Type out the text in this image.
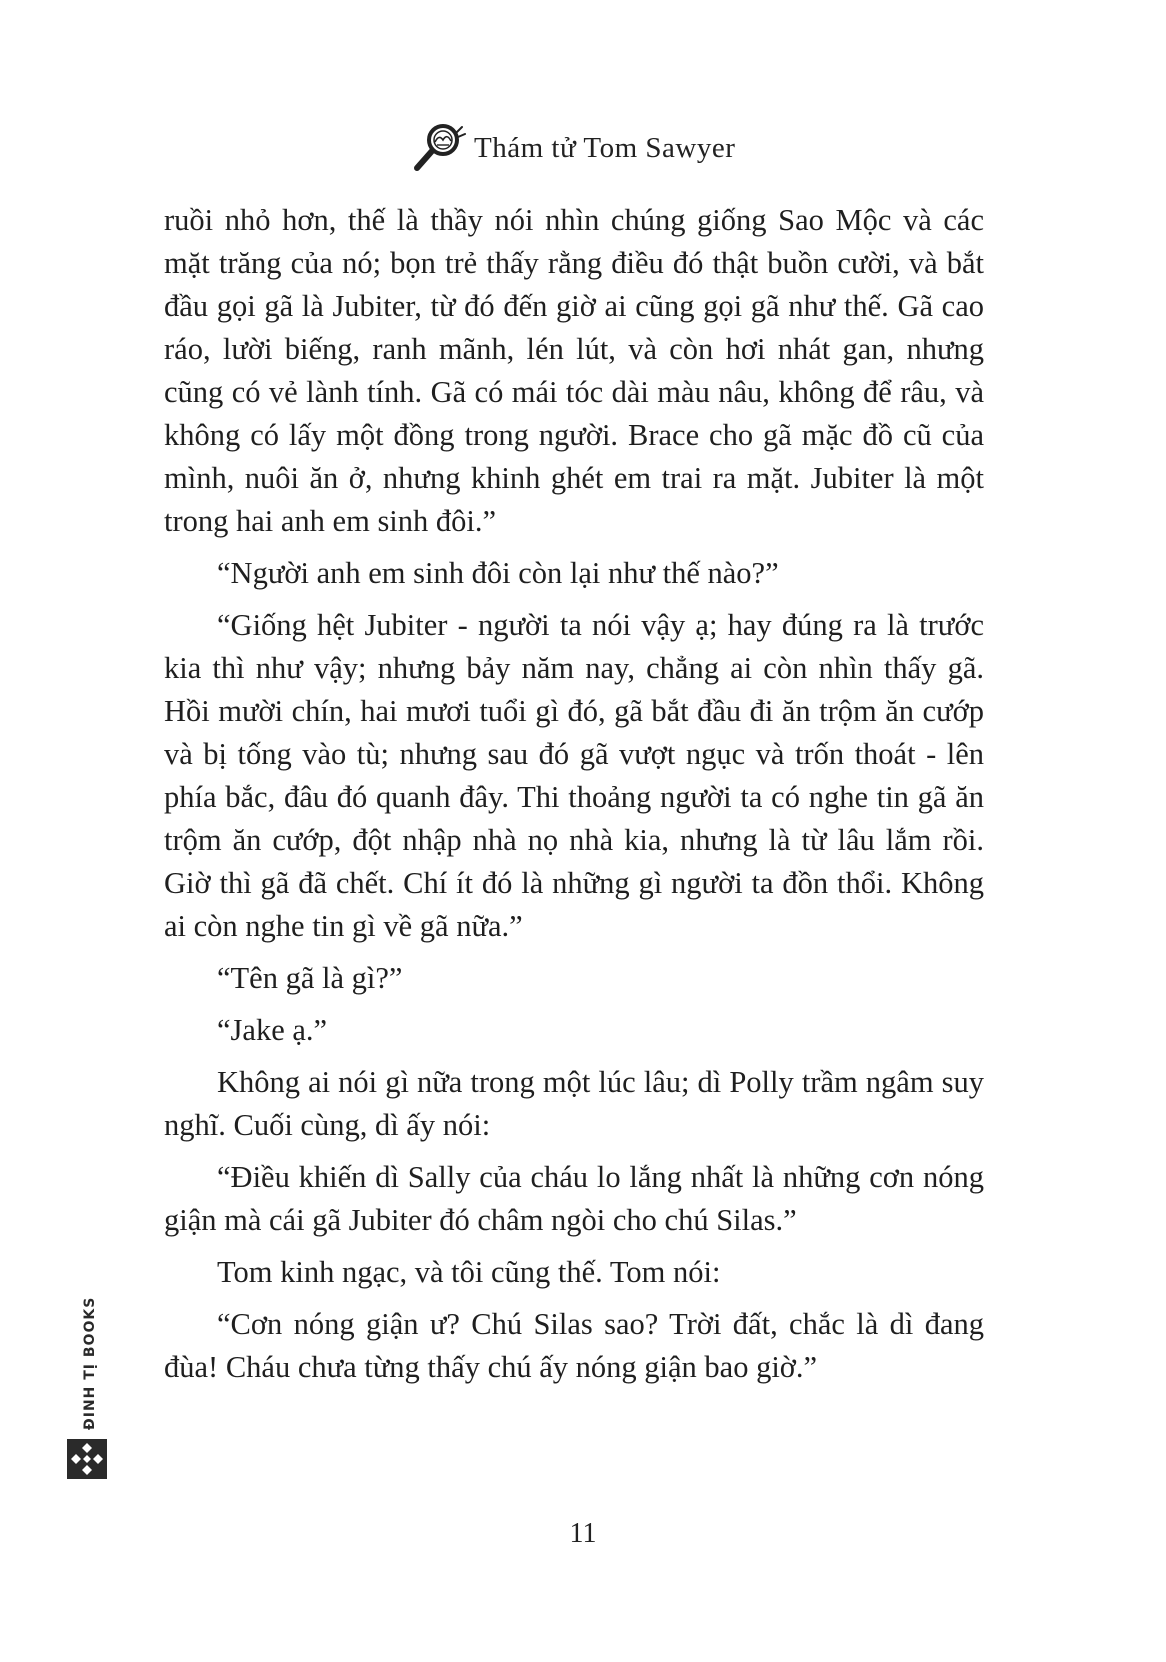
Thám tử Tom Sawyer

ruồi nhỏ hơn, thế là thầy nói nhìn chúng giống Sao Mộc và các mặt trăng của nó; bọn trẻ thấy rằng điều đó thật buồn cười, và bắt đầu gọi gã là Jubiter, từ đó đến giờ ai cũng gọi gã như thế. Gã cao ráo, lười biếng, ranh mãnh, lén lút, và còn hơi nhát gan, nhưng cũng có vẻ lành tính. Gã có mái tóc dài màu nâu, không để râu, và không có lấy một đồng trong người. Brace cho gã mặc đồ cũ của mình, nuôi ăn ở, nhưng khinh ghét em trai ra mặt. Jubiter là một trong hai anh em sinh đôi.”

“Người anh em sinh đôi còn lại như thế nào?”

“Giống hệt Jubiter - người ta nói vậy ạ; hay đúng ra là trước kia thì như vậy; nhưng bảy năm nay, chẳng ai còn nhìn thấy gã. Hồi mười chín, hai mươi tuổi gì đó, gã bắt đầu đi ăn trộm ăn cướp và bị tống vào tù; nhưng sau đó gã vượt ngục và trốn thoát - lên phía bắc, đâu đó quanh đây. Thi thoảng người ta có nghe tin gã ăn trộm ăn cướp, đột nhập nhà nọ nhà kia, nhưng là từ lâu lắm rồi. Giờ thì gã đã chết. Chí ít đó là những gì người ta đồn thổi. Không ai còn nghe tin gì về gã nữa.”

“Tên gã là gì?”

“Jake ạ.”

Không ai nói gì nữa trong một lúc lâu; dì Polly trầm ngâm suy nghĩ. Cuối cùng, dì ấy nói:

“Điều khiến dì Sally của cháu lo lắng nhất là những cơn nóng giận mà cái gã Jubiter đó châm ngòi cho chú Silas.”

Tom kinh ngạc, và tôi cũng thế. Tom nói:

“Cơn nóng giận ư? Chú Silas sao? Trời đất, chắc là dì đang đùa! Cháu chưa từng thấy chú ấy nóng giận bao giờ.”

11
ĐINH TỊ BOOKS
